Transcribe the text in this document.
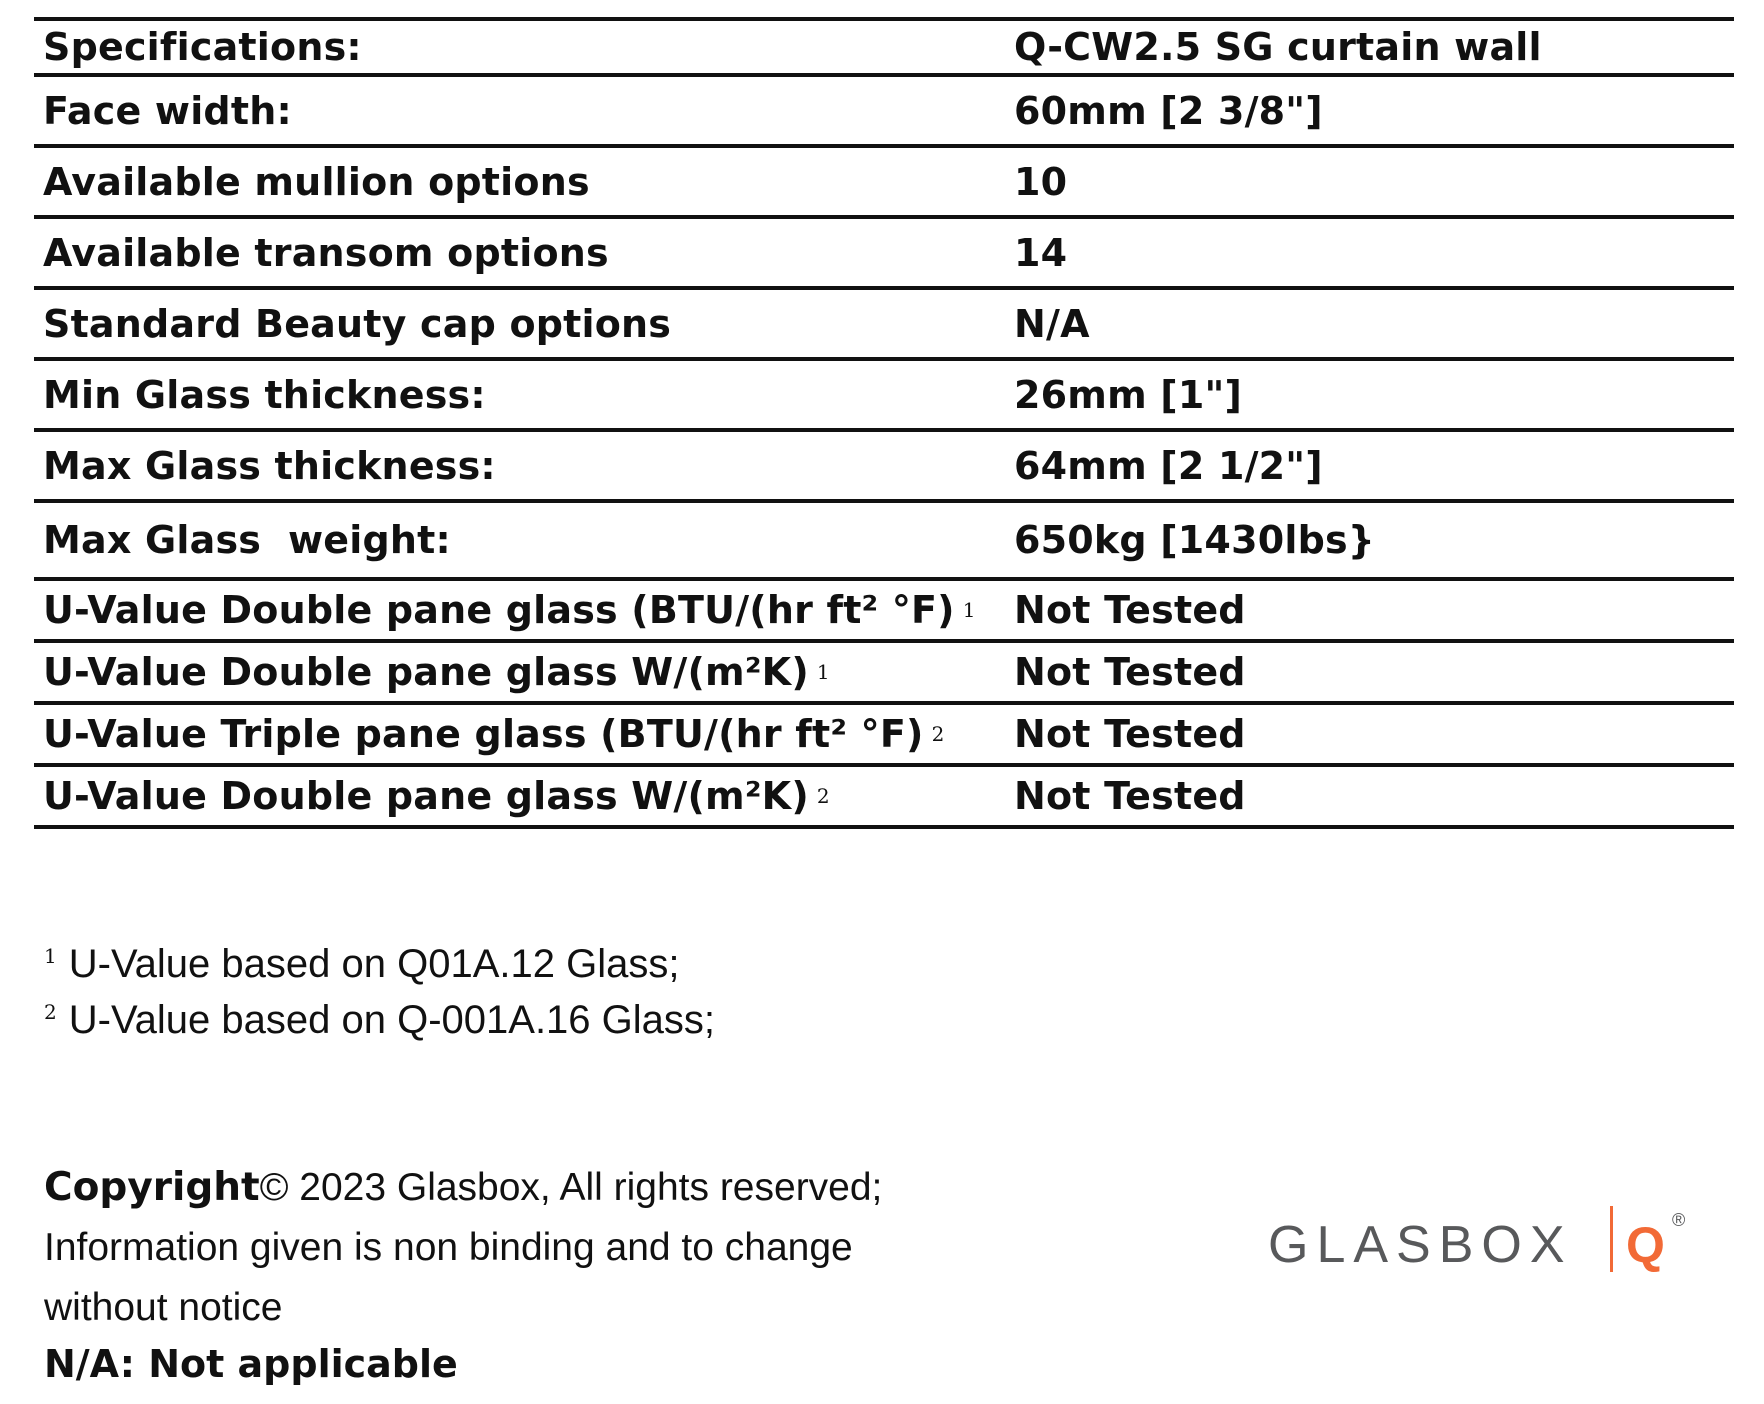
Specifications:	Q-CW2.5 SG curtain wall
Face width:	60mm [2 3/8"]
Available mullion options	10
Available transom options	14
Standard Beauty cap options	N/A
Min Glass thickness:	26mm [1"]
Max Glass thickness:	64mm [2 1/2"]
Max Glass  weight:	650kg [1430lbs}
U-Value Double pane glass (BTU/(hr ft² °F) 1 Not Tested
U-Value Double pane glass W/(m²K) 1	Not Tested
U-Value Triple pane glass (BTU/(hr ft² °F) 2 Not Tested
U-Value Double pane glass W/(m²K) 2	Not Tested
$^1$ U-Value based on Q01A.12 Glass;
$^2$ U-Value based on Q-001A.16 Glass;
Copyright© 2023 Glasbox, All rights reserved;
Information given is non binding and to change
without notice
N/A: Not applicable
GLASBOX Q ®
